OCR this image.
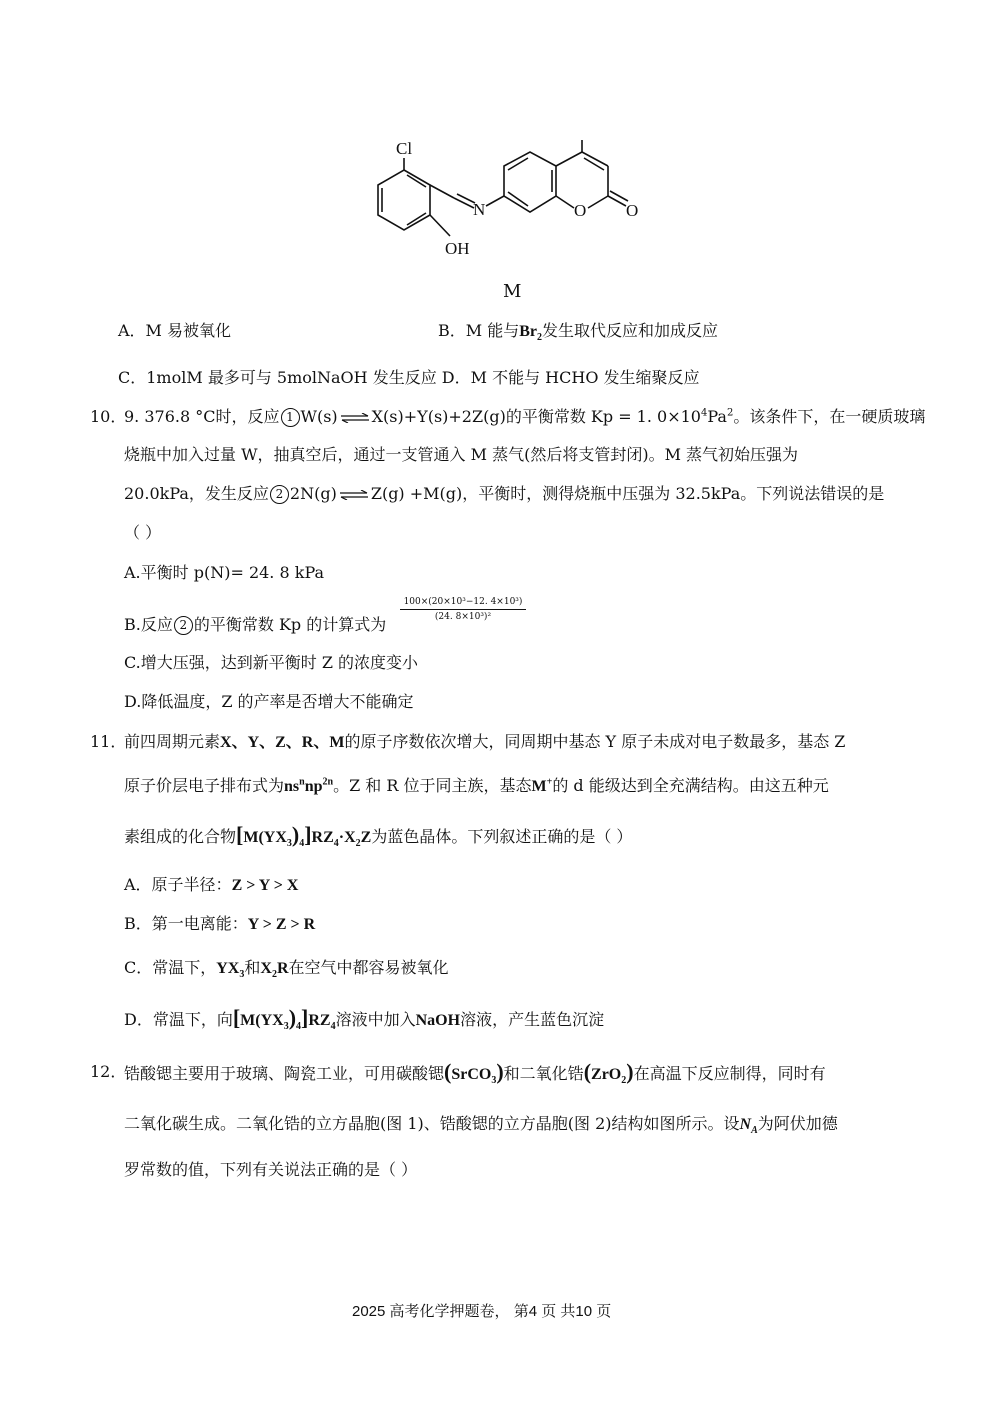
Cl
OH
N	O O
M
A．M 易被氧化	B．M 能与$Br_2$发生取代反应和加成反应
C．1molM 最多可与 5molNaOH 发生反应 D．M 不能与 HCHO 发生缩聚反应
10．
9. 376.8 °C时，反应 1 W(s) ⇌ X(s)+Y(s)+2Z(g)的平衡常数 Kp = 1. $0\times 10^4Pa^2$。该条件下，在一硬质玻璃
烧瓶中加入过量 W，抽真空后，通过一支管通入 M 蒸气(然后将支管封闭)。M 蒸气初始压强为
20.0kPa，发生反应 2 2N(g) ⇌ Z(g) +M(g)，平衡时，测得烧瓶中压强为 32.5kPa。下列说法错误的是
（ ）
A.平衡时 p(N)= 24. 8 kPa
B.反应 2 的平衡常数 Kp 的计算式为
100×(20×10³−12. 4×10³)
(24. 8×10³)²
C.增大压强，达到新平衡时 Z 的浓度变小
D.降低温度，Z 的产率是否增大不能确定
11．
前四周期元素X、Y、Z、R、M的原子序数依次增大，同周期中基态 Y 原子未成对电子数最多，基态 Z
原子价层电子排布式为$ns^nnp^{2n}$。Z 和 R 位于同主族，基态M+的 d 能级达到全充满结构。由这五种元
素组成的化合物$[M(YX_3)_4]RZ_4\cdot X_2Z$为蓝色晶体。下列叙述正确的是（ ）
A．原子半径：Z > Y > X
B．第一电离能：Y > Z > R
C．常温下，$YX_3$和$X_2R$在空气中都容易被氧化
D．常温下，向$[M(YX_3)_4]RZ_4$溶液中加入NaOH溶液，产生蓝色沉淀
12．
锆酸锶主要用于玻璃、陶瓷工业，可用碳酸锶(SrCO$_3$)和二氧化锆(ZrO$_2$)在高温下反应制得，同时有
二氧化碳生成。二氧化锆的立方晶胞(图 1)、锆酸锶的立方晶胞(图 2)结构如图所示。设$N_A$为阿伏加德
罗常数的值，下列有关说法正确的是（ ）
2025 高考化学押题卷， 第4 页 共10 页
